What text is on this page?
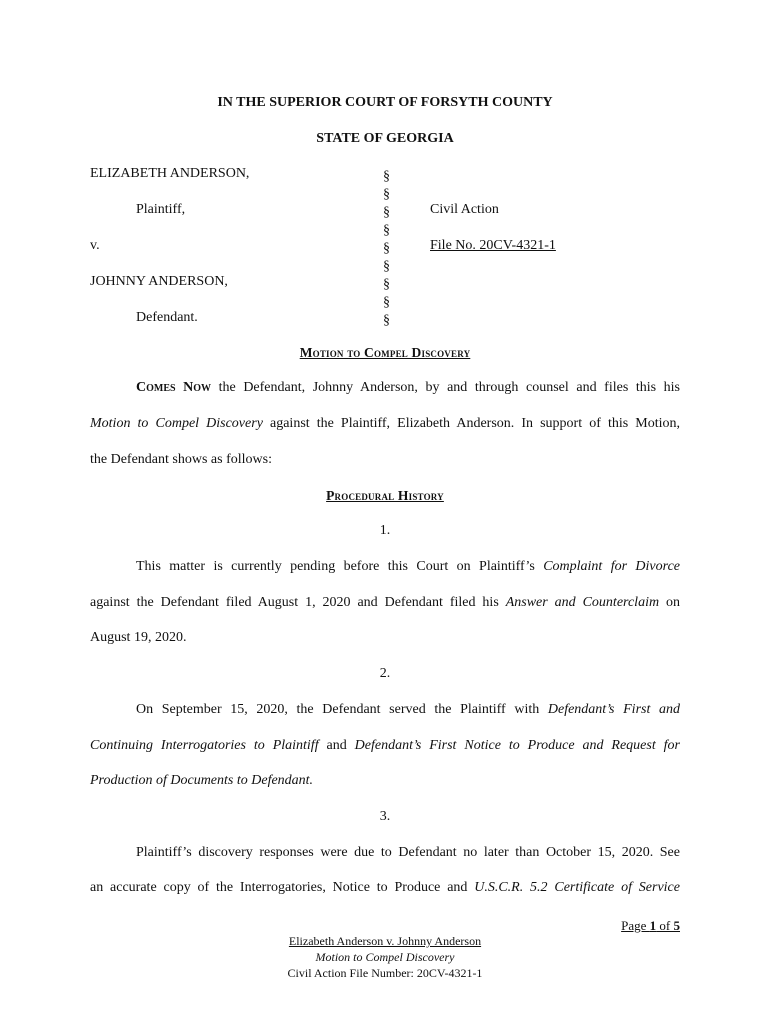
IN THE SUPERIOR COURT OF FORSYTH COUNTY
STATE OF GEORGIA
ELIZABETH ANDERSON,
Plaintiff,
v.
JOHNNY ANDERSON,
Defendant.
§
§
§
§
§
§
§
§
§
Civil Action
File No. 20CV-4321-1
Motion to Compel Discovery
Comes Now the Defendant, Johnny Anderson, by and through counsel and files this his
Motion to Compel Discovery against the Plaintiff, Elizabeth Anderson. In support of this Motion,
the Defendant shows as follows:
Procedural History
1.
This matter is currently pending before this Court on Plaintiff’s Complaint for Divorce
against the Defendant filed August 1, 2020 and Defendant filed his Answer and Counterclaim on
August 19, 2020.
2.
On September 15, 2020, the Defendant served the Plaintiff with Defendant’s First and
Continuing Interrogatories to Plaintiff and Defendant’s First Notice to Produce and Request for
Production of Documents to Defendant.
3.
Plaintiff’s discovery responses were due to Defendant no later than October 15, 2020. See
an accurate copy of the Interrogatories, Notice to Produce and U.S.C.R. 5.2 Certificate of Service
Page 1 of 5
Elizabeth Anderson v. Johnny Anderson
Motion to Compel Discovery
Civil Action File Number: 20CV-4321-1
